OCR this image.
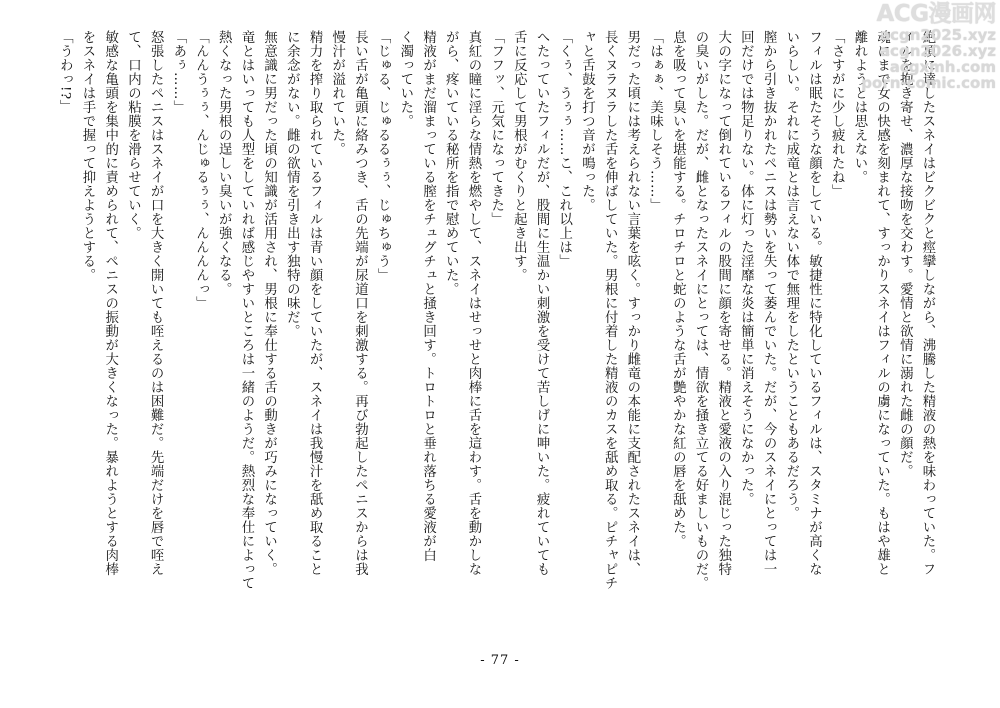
絶頂に達したスネイはビクビクと痙攣しながら、沸騰した精液の熱を味わっていた。フ
ィルを抱き寄せ、濃厚な接吻を交わす。愛情と欲情に溺れた雌の顔だ。
魂にまで女の快感を刻まれて、すっかりスネイはフィルの虜になっていた。もはや雄と
離れようとは思えない。
「さすがに少し疲れたね」
フィルは眠たそうな顔をしている。敏捷性に特化しているフィルは、スタミナが高くな
いらしい。それに成竜とは言えない体で無理をしたということもあるだろう。
膣から引き抜かれたペニスは勢いを失って萎んでいた。だが、今のスネイにとっては一
回だけでは物足りない。体に灯った淫靡な炎は簡単に消えそうになかった。
大の字になって倒れているフィルの股間に顔を寄せる。精液と愛液の入り混じった独特
の臭いがした。だが、雌となったスネイにとっては、情欲を掻き立てる好ましいものだ。
息を吸って臭いを堪能する。チロチロと蛇のような舌が艶やかな紅の唇を舐めた。
「はぁぁ、美味しそう……」
男だった頃には考えられない言葉を呟く。すっかり雌竜の本能に支配されたスネイは、
長くヌラヌラした舌を伸ばしていた。男根に付着した精液のカスを舐め取る。ピチャピチ
ャと舌鼓を打つ音が鳴った。
「くぅ、うぅぅ……こ、これ以上は」
へたっていたフィルだが、股間に生温かい刺激を受けて苦しげに呻いた。疲れていても
舌に反応して男根がむくりと起き出す。
「フフッ、元気になってきた」
真紅の瞳に淫らな情熱を燃やして、スネイはせっせと肉棒に舌を這わす。舌を動かしな
がら、疼いている秘所を指で慰めていた。
精液がまだ溜まっている膣をチュグチュと掻き回す。トロトロと垂れ落ちる愛液が白
く濁っていた。
「じゅる、じゅるるぅぅ、じゅちゅう」
長い舌が亀頭に絡みつき、舌の先端が尿道口を刺激する。再び勃起したペニスからは我
慢汁が溢れていた。
精力を搾り取られているフィルは青い顔をしていたが、スネイは我慢汁を舐め取ること
に余念がない。雌の欲情を引き出す独特の味だ。
無意識に男だった頃の知識が活用され、男根に奉仕する舌の動きが巧みになっていく。
竜とはいっても人型をしていれば感じやすいところは一緒のようだ。熱烈な奉仕によって
熱くなった男根の逞しい臭いが強くなる。
「んんうぅぅ、んじゅるぅぅ、んんんんっ」
「あぅ……」
怒張したペニスはスネイが口を大きく開いても咥えるのは困難だ。先端だけを唇で咥え
て、口内の粘膜を滑らせていく。
敏感な亀頭を集中的に責められて、ペニスの振動が大きくなった。暴れようとする肉棒
をスネイは手で握って抑えようとする。
「うわっ!?」
- 77 -
ACG漫画网
acgn2025.xyz
acgn2026.xyz
acgxmh.com
porn-comic.com
